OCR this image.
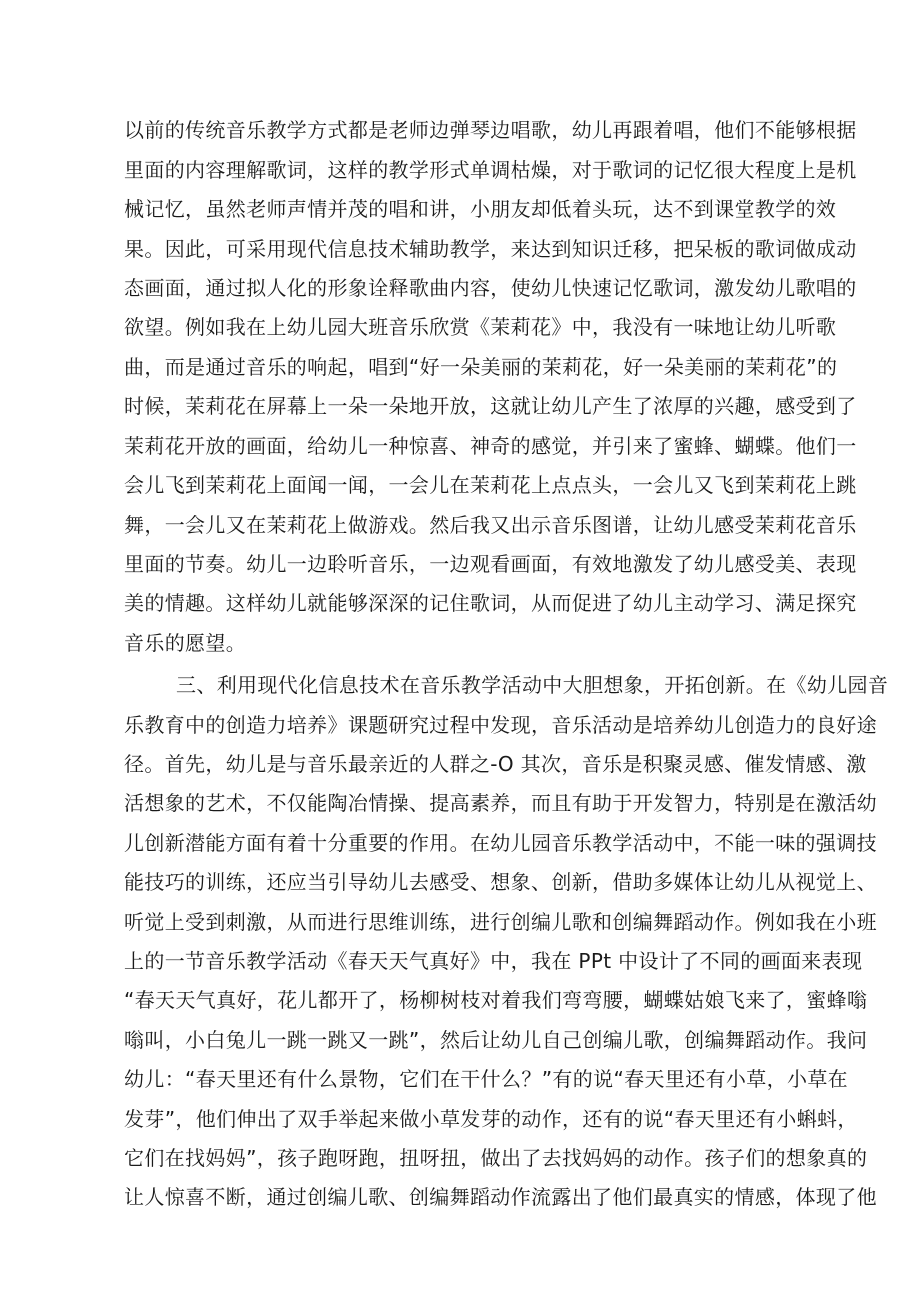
以前的传统音乐教学方式都是老师边弹琴边唱歌，幼儿再跟着唱，他们不能够根据
里面的内容理解歌词，这样的教学形式单调枯燥，对于歌词的记忆很大程度上是机
械记忆，虽然老师声情并茂的唱和讲，小朋友却低着头玩，达不到课堂教学的效
果。因此，可采用现代信息技术辅助教学，来达到知识迁移，把呆板的歌词做成动
态画面，通过拟人化的形象诠释歌曲内容，使幼儿快速记忆歌词，激发幼儿歌唱的
欲望。例如我在上幼儿园大班音乐欣赏《茉莉花》中，我没有一味地让幼儿听歌
曲，而是通过音乐的响起，唱到“好一朵美丽的茉莉花，好一朵美丽的茉莉花”的
时候，茉莉花在屏幕上一朵一朵地开放，这就让幼儿产生了浓厚的兴趣，感受到了
茉莉花开放的画面，给幼儿一种惊喜、神奇的感觉，并引来了蜜蜂、蝴蝶。他们一
会儿飞到茉莉花上面闻一闻，一会儿在茉莉花上点点头，一会儿又飞到茉莉花上跳
舞，一会儿又在茉莉花上做游戏。然后我又出示音乐图谱，让幼儿感受茉莉花音乐
里面的节奏。幼儿一边聆听音乐，一边观看画面，有效地激发了幼儿感受美、表现
美的情趣。这样幼儿就能够深深的记住歌词，从而促进了幼儿主动学习、满足探究
音乐的愿望。
三、利用现代化信息技术在音乐教学活动中大胆想象，开拓创新。在《幼儿园音
乐教育中的创造力培养》课题研究过程中发现，音乐活动是培养幼儿创造力的良好途
径。首先，幼儿是与音乐最亲近的人群之-O 其次，音乐是积聚灵感、催发情感、激
活想象的艺术，不仅能陶冶情操、提高素养，而且有助于开发智力，特别是在激活幼
儿创新潜能方面有着十分重要的作用。在幼儿园音乐教学活动中，不能一味的强调技
能技巧的训练，还应当引导幼儿去感受、想象、创新，借助多媒体让幼儿从视觉上、
听觉上受到刺激，从而进行思维训练，进行创编儿歌和创编舞蹈动作。例如我在小班
上的一节音乐教学活动《春天天气真好》中，我在 PPt 中设计了不同的画面来表现
“春天天气真好，花儿都开了，杨柳树枝对着我们弯弯腰，蝴蝶姑娘飞来了，蜜蜂嗡
嗡叫，小白兔儿一跳一跳又一跳”，然后让幼儿自己创编儿歌，创编舞蹈动作。我问
幼儿：“春天里还有什么景物，它们在干什么？”有的说“春天里还有小草，小草在
发芽”，他们伸出了双手举起来做小草发芽的动作，还有的说“春天里还有小蝌蚪，
它们在找妈妈”，孩子跑呀跑，扭呀扭，做出了去找妈妈的动作。孩子们的想象真的
让人惊喜不断，通过创编儿歌、创编舞蹈动作流露出了他们最真实的情感，体现了他
